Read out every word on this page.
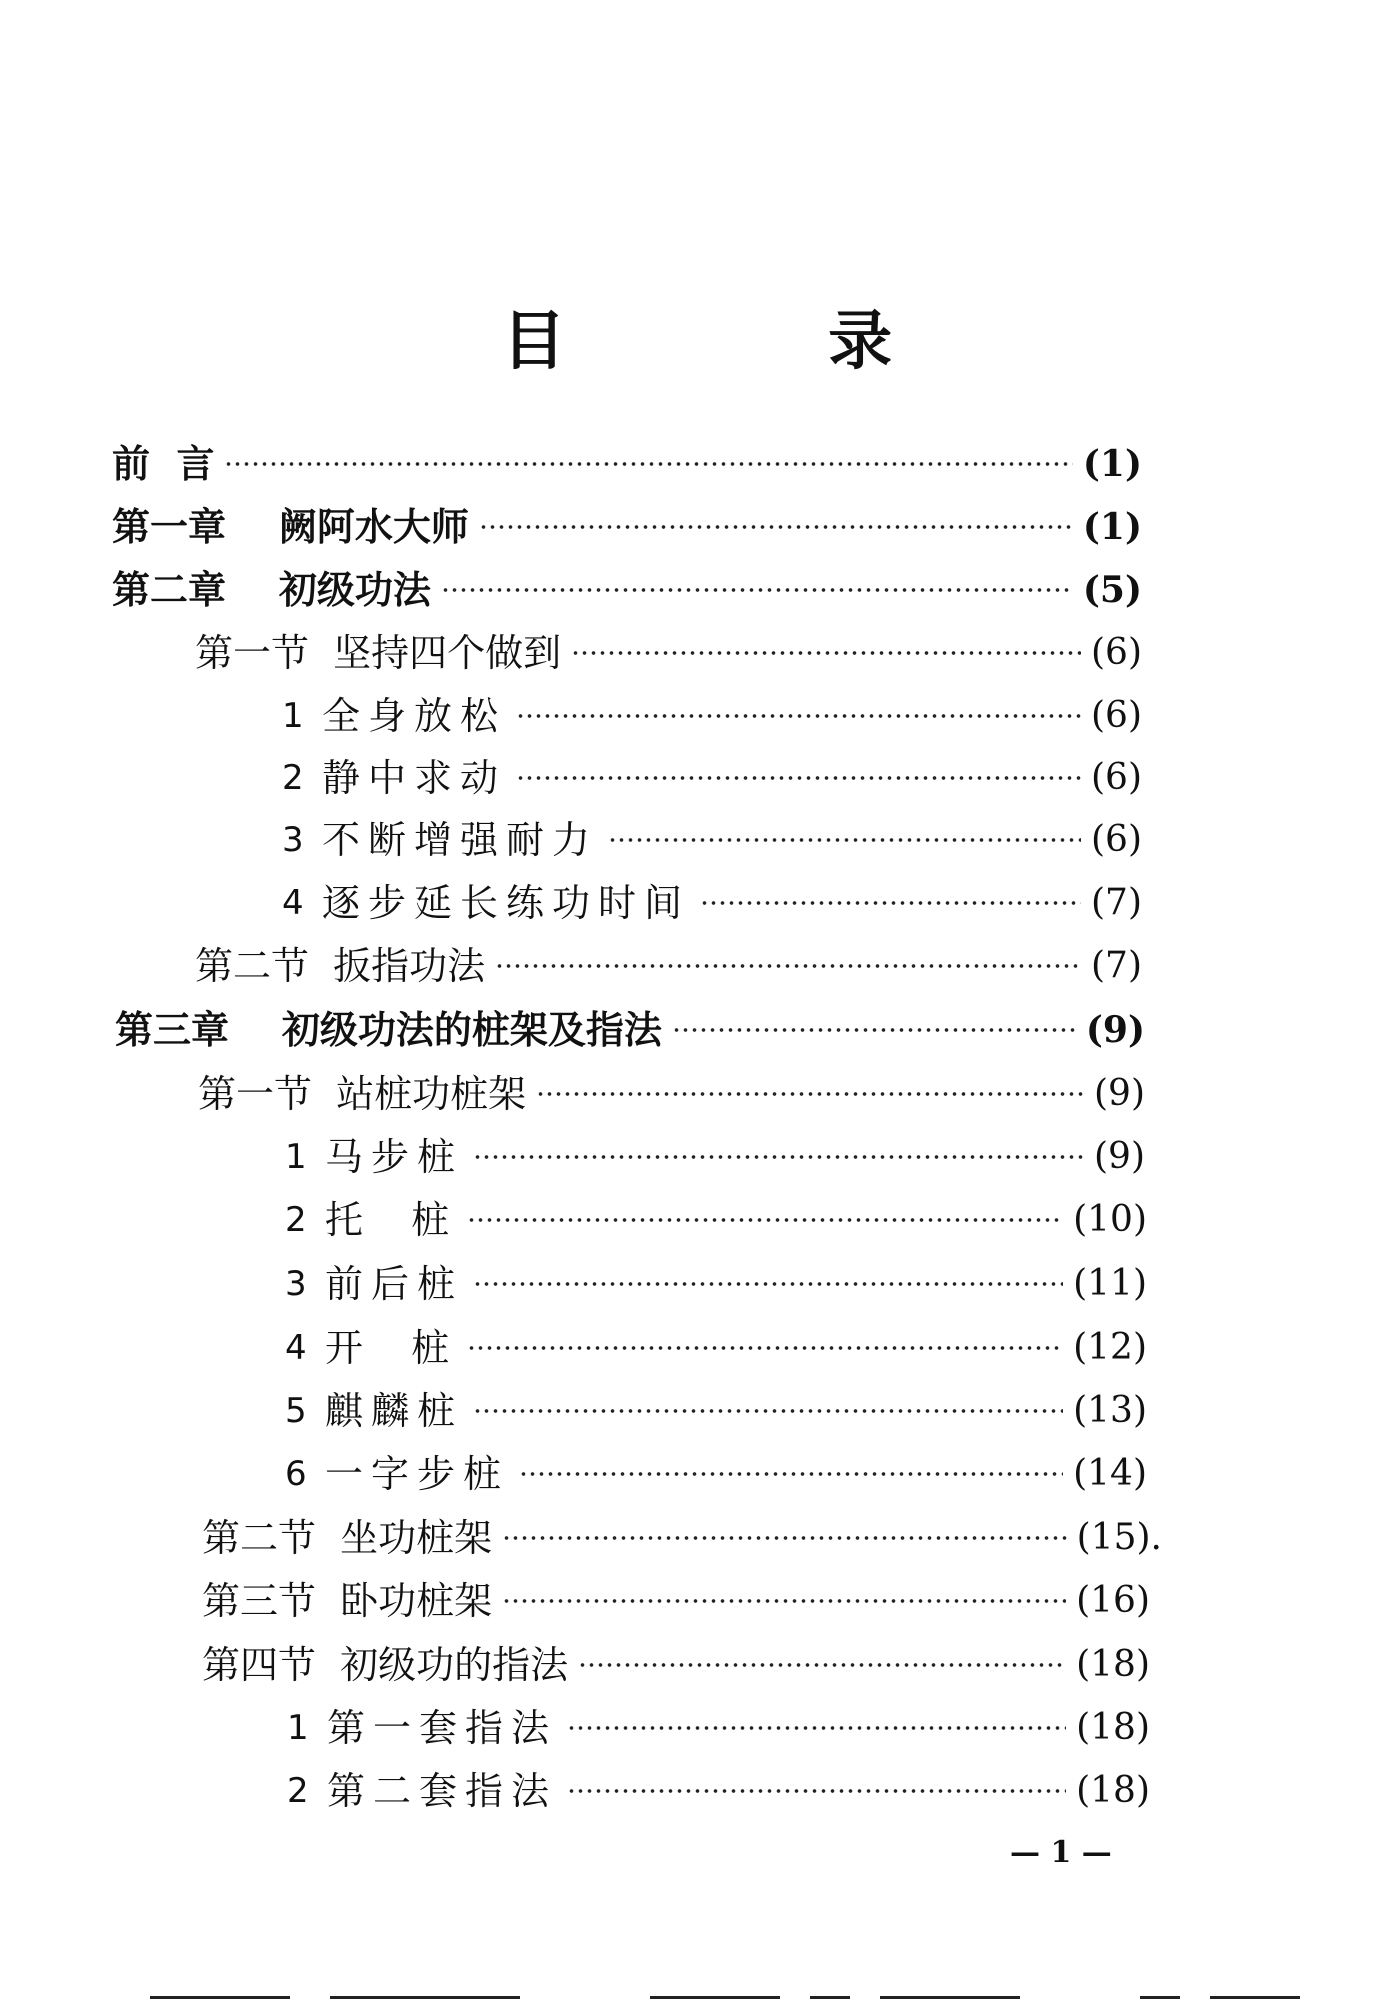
目 录
前  言	(1)
第一章    阙阿水大师	(1)
第二章    初级功法	(5)
第一节  坚持四个做到	(6)
1 全身放松	(6)
2 静中求动	(6)
3 不断增强耐力	(6)
4 逐步延长练功时间	(7)
第二节  扳指功法	(7)
第三章    初级功法的桩架及指法	(9)
第一节  站桩功桩架	(9)
1 马步桩	(9)
2 托  桩	(10)
3 前后桩	(11)
4 开  桩	(12)
5 麒麟桩	(13)
6 一字步桩	(14)
第二节  坐功桩架	(15).
第三节  卧功桩架	(16)
第四节  初级功的指法	(18)
1 第一套指法	(18)
2 第二套指法	(18)
— 1 —
